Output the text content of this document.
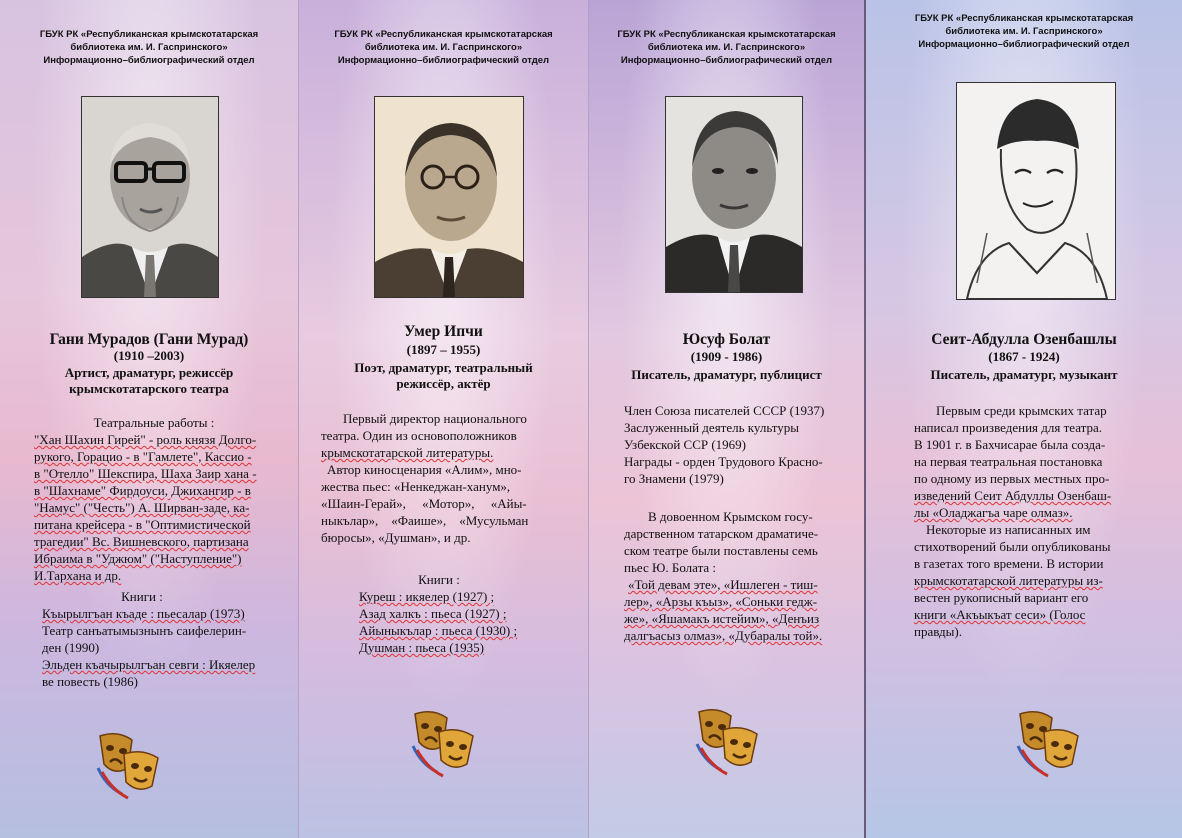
ГБУК РК «Республиканская крымскотатарская
библиотека им. И. Гаспринского»
Информационно–библиографический отдел
Гани Мурадов (Гани Мурад)
(1910 –2003)
Артист, драматург, режиссёр крымскотатарского театра

Театральные работы :

"Хан Шахин Гирей" - роль князя Долго-

рукого, Горацио - в "Гамлете", Кассио -

в "Отелло" Шекспира, Шаха Заир хана -

в "Шахнаме" Фирдоуси, Джихангир - в

"Намус" ("Честь") А. Ширван-заде, ка-

питана крейсера - в "Оптимистической

трагедии" Вс. Вишневского, партизана

Ибраима в "Уджюм" ("Наступление")

И.Тархана и др.

Книги :

Къырылгъан къаде : пьесалар (1973)

Театр санъатымызнынъ саифелерин-

ден (1990)

Эльден къачырылгъан севги : Икяелер

ве повесть (1986)

ГБУК РК «Республиканская крымскотатарская
библиотека им. И. Гаспринского»
Информационно–библиографический отдел
Умер Ипчи
(1897 – 1955)
Поэт, драматург, театральный режиссёр, актёр

Первый директор национального

театра. Один из основоположников

крымскотатарской литературы.

Автор киносценария «Алим», мно-

жества пьес: «Ненкеджан-ханум»,

«Шаин-Герай»,     «Мотор»,     «Айы-

ныкълар»,    «Фаише»,    «Мусульман

бюросы», «Душман», и др.

Книги :

Куреш : икяелер (1927) ;

Азад халкъ : пьеса (1927) ;

Айыныкълар : пьеса (1930) ;

Душман : пьеса (1935)

ГБУК РК «Республиканская крымскотатарская
библиотека им. И. Гаспринского»
Информационно–библиографический отдел
Юсуф Болат
(1909 - 1986)
Писатель, драматург, публицист

Член Союза писателей СССР (1937)

Заслуженный деятель культуры

Узбекской ССР (1969)

Награды - орден Трудового Красно-

го Знамени (1979)

В довоенном Крымском госу-

дарственном татарском драматиче-

ском театре были поставлены семь

пьес Ю. Болата :

«Той девам эте», «Ишлеген - тиш-

лер», «Арзы къыз», «Соньки гедж-

же», «Яшамакъ истейим», «Денъиз

далгъасыз олмаз», «Дубаралы той».

ГБУК РК «Республиканская крымскотатарская
библиотека им. И. Гаспринского»
Информационно–библиографический отдел
Сеит-Абдулла Озенбашлы
(1867 - 1924)
Писатель, драматург, музыкант

Первым среди крымских татар

написал произведения для театра.

В 1901 г. в Бахчисарае была созда-

на первая театральная постановка

по одному из первых местных про-

изведений Сеит Абдуллы Озенбаш-

лы «Оладжагъа чаре олмаз».

Некоторые из написанных им

стихотворений были опубликованы

в газетах того времени. В истории

крымскотатарской литературы из-

вестен рукописный вариант его

книги «Акъыкъат сеси» (Голос

правды).
